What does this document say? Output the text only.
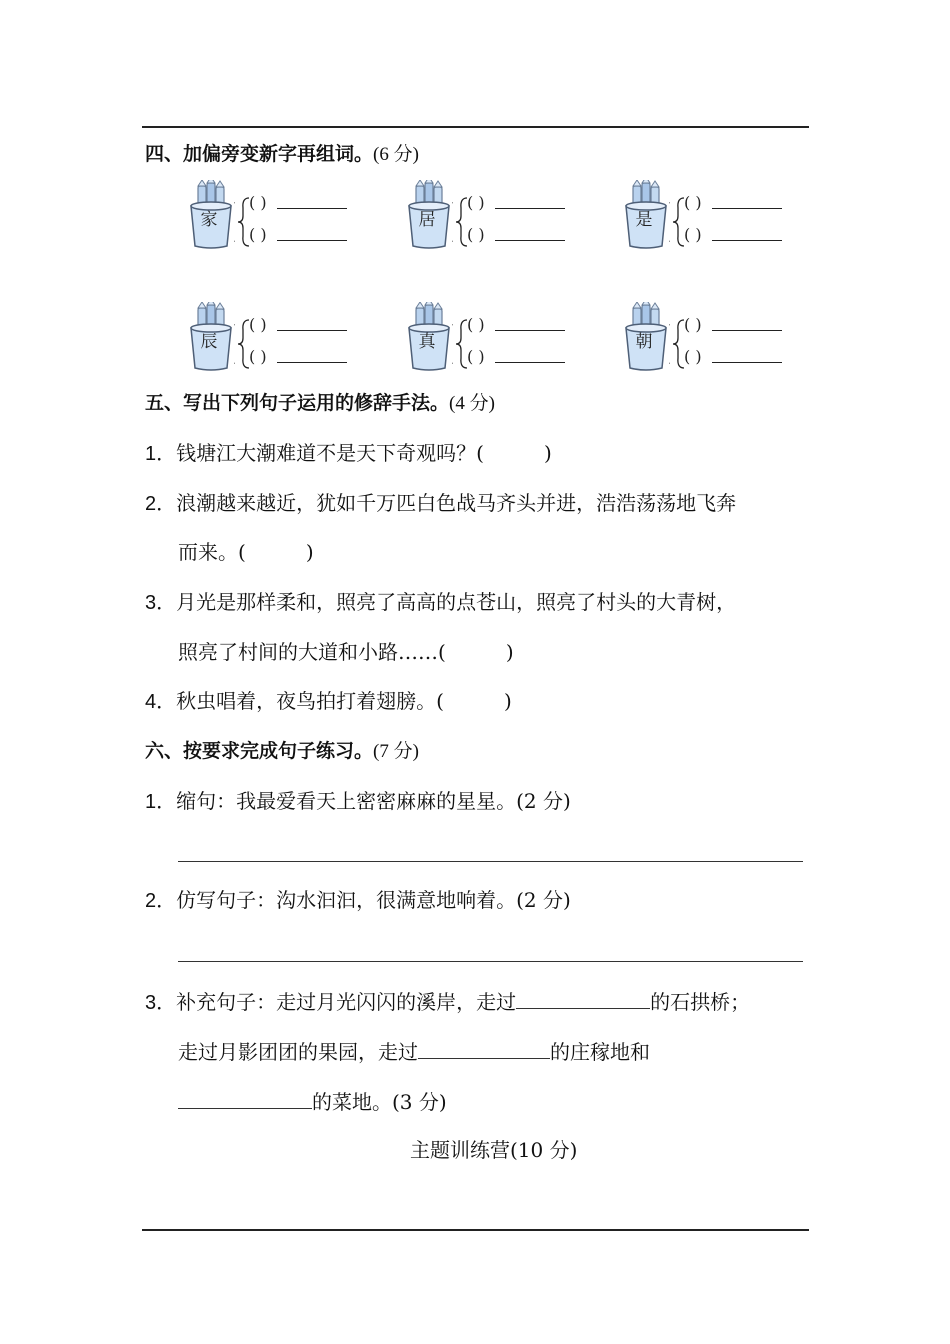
四、加偏旁变新字再组词。(6 分)
家
( )
( )
居
( )
( )
是
( )
( )
辰
( )
( )
真
( )
( )
朝
( )
( )
五、写出下列句子运用的修辞手法。(4 分)
1．钱塘江大潮难道不是天下奇观吗？(	)
2．浪潮越来越近，犹如千万匹白色战马齐头并进，浩浩荡荡地飞奔
而来。(	)
3．月光是那样柔和，照亮了高高的点苍山，照亮了村头的大青树，
照亮了村间的大道和小路……(	)
4．秋虫唱着，夜鸟拍打着翅膀。(	)
六、按要求完成句子练习。(7 分)
1．缩句：我最爱看天上密密麻麻的星星。(2 分)
2．仿写句子：沟水汩汩，很满意地响着。(2 分)
3．补充句子：走过月光闪闪的溪岸，走过	的石拱桥；
走过月影团团的果园，走过	的庄稼地和
的菜地。(3 分)
主题训练营(10 分)
